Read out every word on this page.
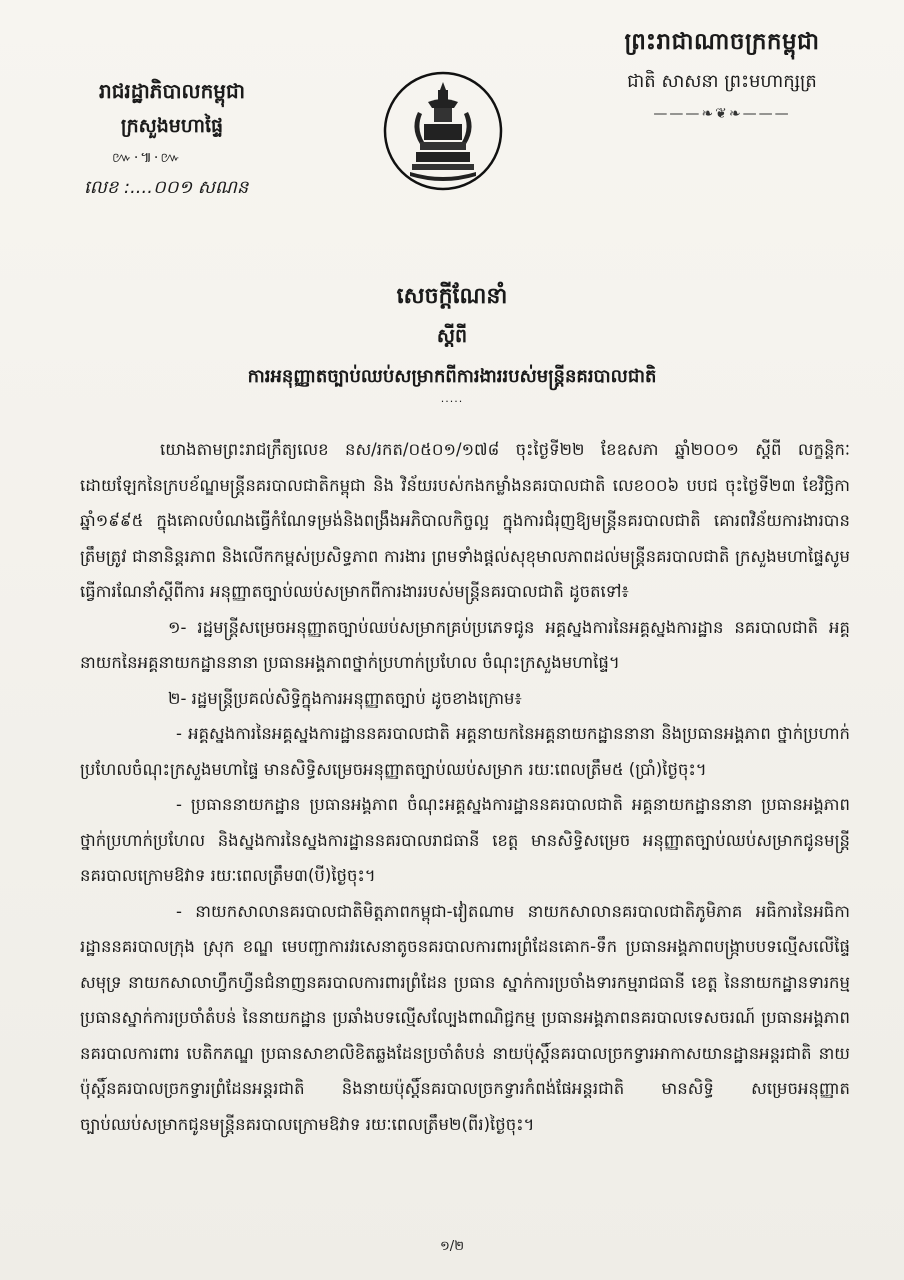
ព្រះរាជាណាចក្រកម្ពុជា
ជាតិ សាសនា ព្រះមហាក្សត្រ
———❧❦❧———
រាជរដ្ឋាភិបាលកម្ពុជា
ក្រសួងមហាផ្ទៃ
៚·៕·៚
លេខ :....០០១ សណន
សេចក្ដីណែនាំ
ស្ដីពី
ការអនុញ្ញាតច្បាប់ឈប់សម្រាកពីការងាររបស់មន្ត្រីនគរបាលជាតិ
·····

យោងតាមព្រះរាជក្រឹត្យលេខ នស/រកត/០៥០១/១៧៨ ចុះថ្ងៃទី២២ ខែឧសភា ឆ្នាំ២០០១ ស្ដីពី លក្ខន្តិកៈដោយឡែកនៃក្របខ័ណ្ឌមន្ត្រីនគរបាលជាតិកម្ពុជា និង វិន័យរបស់កងកម្លាំងនគរបាលជាតិ លេខ០០៦ បបជ ចុះថ្ងៃទី២៣ ខែវិច្ឆិកា ឆ្នាំ១៩៩៥ ក្នុងគោលបំណងធ្វើកំណែទម្រង់និងពង្រឹងអភិបាលកិច្ចល្អ ក្នុងការជំរុញឱ្យមន្ត្រីនគរបាលជាតិ គោរពវិន័យការងារបានត្រឹមត្រូវ ជានានិន្តរភាព និងលើកកម្ពស់ប្រសិទ្ធភាព ការងារ ព្រមទាំងផ្ដល់សុខុមាលភាពដល់មន្ត្រីនគរបាលជាតិ ក្រសួងមហាផ្ទៃសូមធ្វើការណែនាំស្ដីពីការ អនុញ្ញាតច្បាប់ឈប់សម្រាកពីការងាររបស់មន្ត្រីនគរបាលជាតិ ដូចតទៅ៖

១- រដ្ឋមន្ត្រីសម្រេចអនុញ្ញាតច្បាប់ឈប់សម្រាកគ្រប់ប្រភេទជូន អគ្គស្នងការនៃអគ្គស្នងការដ្ឋាន នគរបាលជាតិ អគ្គនាយកនៃអគ្គនាយកដ្ឋាននានា ប្រធានអង្គភាពថ្នាក់ប្រហាក់ប្រហែល ចំណុះក្រសួងមហាផ្ទៃ។

២- រដ្ឋមន្ត្រីប្រគល់សិទ្ធិក្នុងការអនុញ្ញាតច្បាប់ ដូចខាងក្រោម៖

- អគ្គស្នងការនៃអគ្គស្នងការដ្ឋាននគរបាលជាតិ អគ្គនាយកនៃអគ្គនាយកដ្ឋាននានា និងប្រធានអង្គភាព ថ្នាក់ប្រហាក់ប្រហែលចំណុះក្រសួងមហាផ្ទៃ មានសិទ្ធិសម្រេចអនុញ្ញាតច្បាប់ឈប់សម្រាក រយៈពេលត្រឹម៥ (ប្រាំ)ថ្ងៃចុះ។

- ប្រធាននាយកដ្ឋាន ប្រធានអង្គភាព ចំណុះអគ្គស្នងការដ្ឋាននគរបាលជាតិ អគ្គនាយកដ្ឋាននានា ប្រធានអង្គភាពថ្នាក់ប្រហាក់ប្រហែល និងស្នងការនៃស្នងការដ្ឋាននគរបាលរាជធានី ខេត្ត មានសិទ្ធិសម្រេច អនុញ្ញាតច្បាប់ឈប់សម្រាកជូនមន្ត្រីនគរបាលក្រោមឱវាទ រយៈពេលត្រឹម៣(បី)ថ្ងៃចុះ។

- នាយកសាលានគរបាលជាតិមិត្តភាពកម្ពុជា-វៀតណាម នាយកសាលានគរបាលជាតិភូមិភាគ អធិការនៃអធិការដ្ឋាននគរបាលក្រុង ស្រុក ខណ្ឌ មេបញ្ជាការវរសេនាតូចនគរបាលការពារព្រំដែនគោក-ទឹក ប្រធានអង្គភាពបង្ក្រាបបទល្មើសលើផ្ទៃសមុទ្រ នាយកសាលាហ្វឹកហ្វឺនជំនាញនគរបាលការពារព្រំដែន ប្រធាន ស្នាក់ការប្រចាំងទារកម្មរាជធានី ខេត្ត នៃនាយកដ្ឋានទារកម្ម ប្រធានស្នាក់ការប្រចាំតំបន់ នៃនាយកដ្ឋាន ប្រឆាំងបទល្មើសល្បែងពាណិជ្ជកម្ម ប្រធានអង្គភាពនគរបាលទេសចរណ៍ ប្រធានអង្គភាពនគរបាលការពារ បេតិកភណ្ឌ ប្រធានសាខាលិខិតឆ្លងដែនប្រចាំតំបន់ នាយប៉ុស្តិ៍នគរបាលច្រកទ្វារអាកាសយានដ្ឋានអន្តរជាតិ នាយប៉ុស្តិ៍នគរបាលច្រកទ្វារព្រំដែនអន្តរជាតិ និងនាយប៉ុស្តិ៍នគរបាលច្រកទ្វារកំពង់ផែអន្តរជាតិ មានសិទ្ធិ សម្រេចអនុញ្ញាតច្បាប់ឈប់សម្រាកជូនមន្ត្រីនគរបាលក្រោមឱវាទ រយៈពេលត្រឹម២(ពីរ)ថ្ងៃចុះ។

១/២
